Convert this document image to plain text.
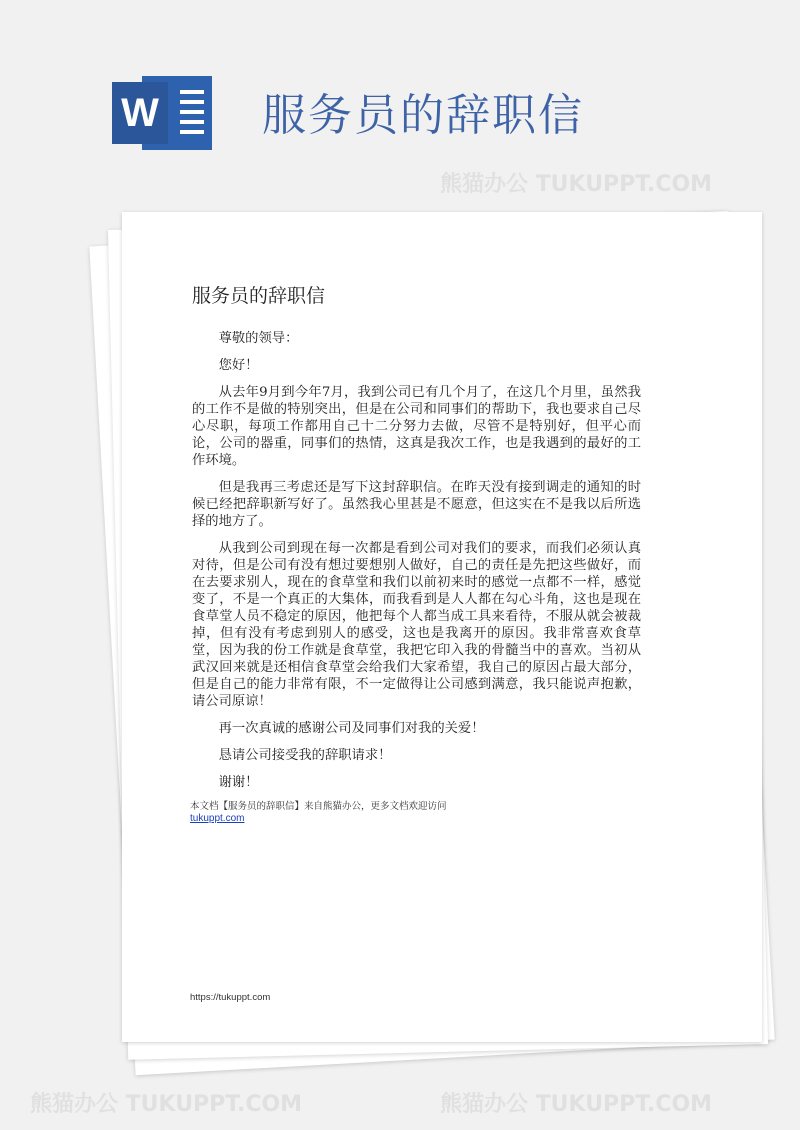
W 服务员的辞职信
熊猫办公 TUKUPPT.COM
熊猫办公 TUKUPPT.COM	熊猫办公 TUKUPPT.COM
服务员的辞职信

尊敬的领导：

您好！

从去年9月到今年7月，我到公司已有几个月了，在这几个月里，虽然我的工作不是做的特别突出，但是在公司和同事们的帮助下，我也要求自己尽心尽职，每项工作都用自己十二分努力去做，尽管不是特别好，但平心而论，公司的器重，同事们的热情，这真是我次工作，也是我遇到的最好的工作环境。

但是我再三考虑还是写下这封辞职信。在昨天没有接到调走的通知的时候已经把辞职新写好了。虽然我心里甚是不愿意，但这实在不是我以后所选择的地方了。

从我到公司到现在每一次都是看到公司对我们的要求，而我们必须认真对待，但是公司有没有想过要想别人做好，自己的责任是先把这些做好，而在去要求别人，现在的食草堂和我们以前初来时的感觉一点都不一样，感觉变了，不是一个真正的大集体，而我看到是人人都在勾心斗角，这也是现在食草堂人员不稳定的原因，他把每个人都当成工具来看待，不服从就会被裁掉，但有没有考虑到别人的感受，这也是我离开的原因。我非常喜欢食草堂，因为我的份工作就是食草堂，我把它印入我的骨髓当中的喜欢。当初从武汉回来就是还相信食草堂会给我们大家希望，我自己的原因占最大部分，但是自己的能力非常有限，不一定做得让公司感到满意，我只能说声抱歉，请公司原谅！

再一次真诚的感谢公司及同事们对我的关爱！

恳请公司接受我的辞职请求！

谢谢！

本文档【服务员的辞职信】来自熊猫办公，更多文档欢迎访问
tukuppt.com
https://tukuppt.com
